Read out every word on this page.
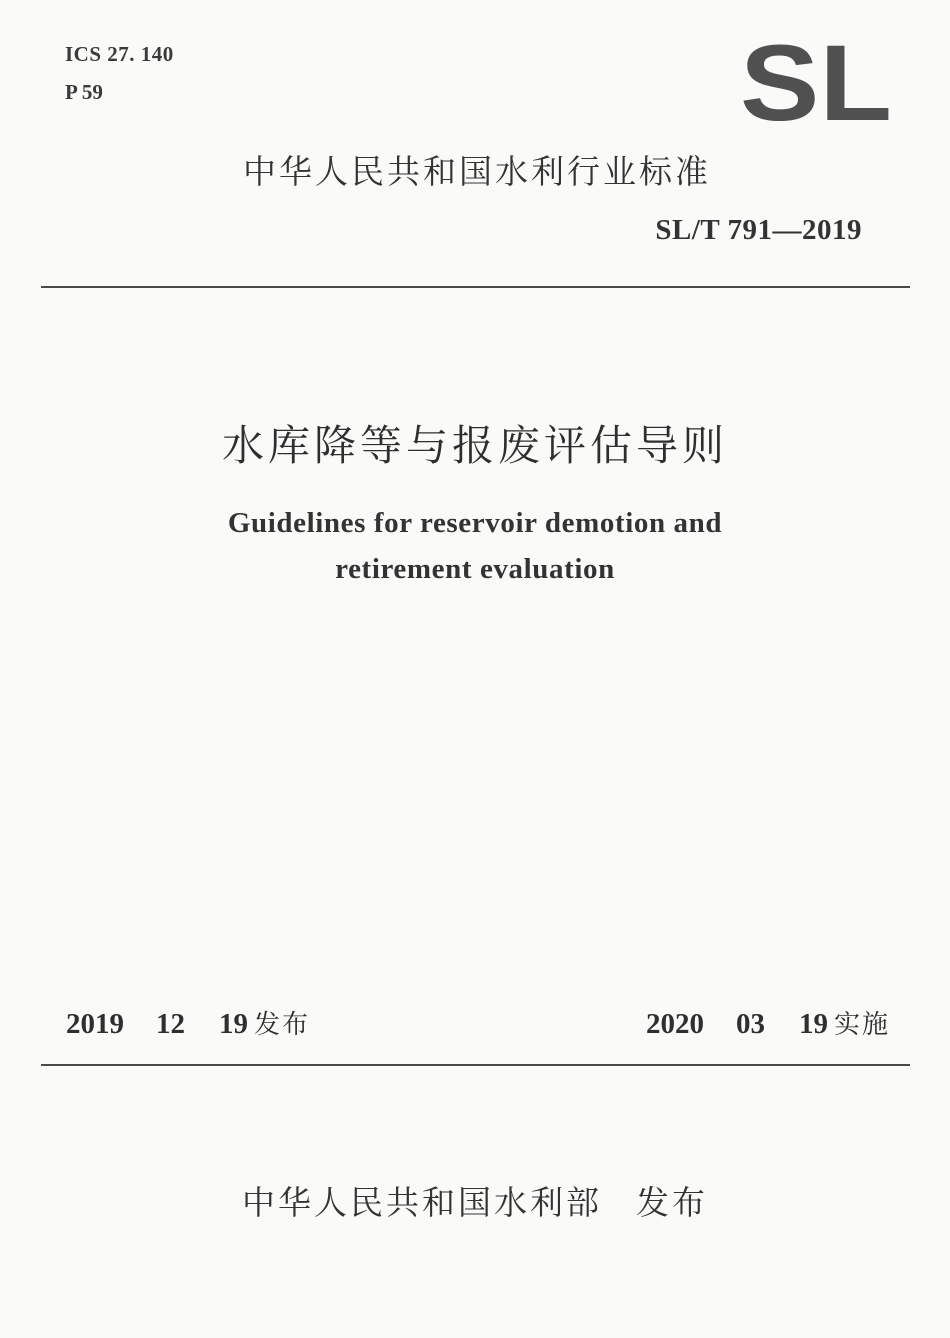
ICS 27. 140
P 59	SL
中华人民共和国水利行业标准
SL/T 791—2019
水库降等与报废评估导则
Guidelines for reservoir demotion and
retirement evaluation
2019 12 19 发布	2020 03 19 实施
中华人民共和国水利部 发布
